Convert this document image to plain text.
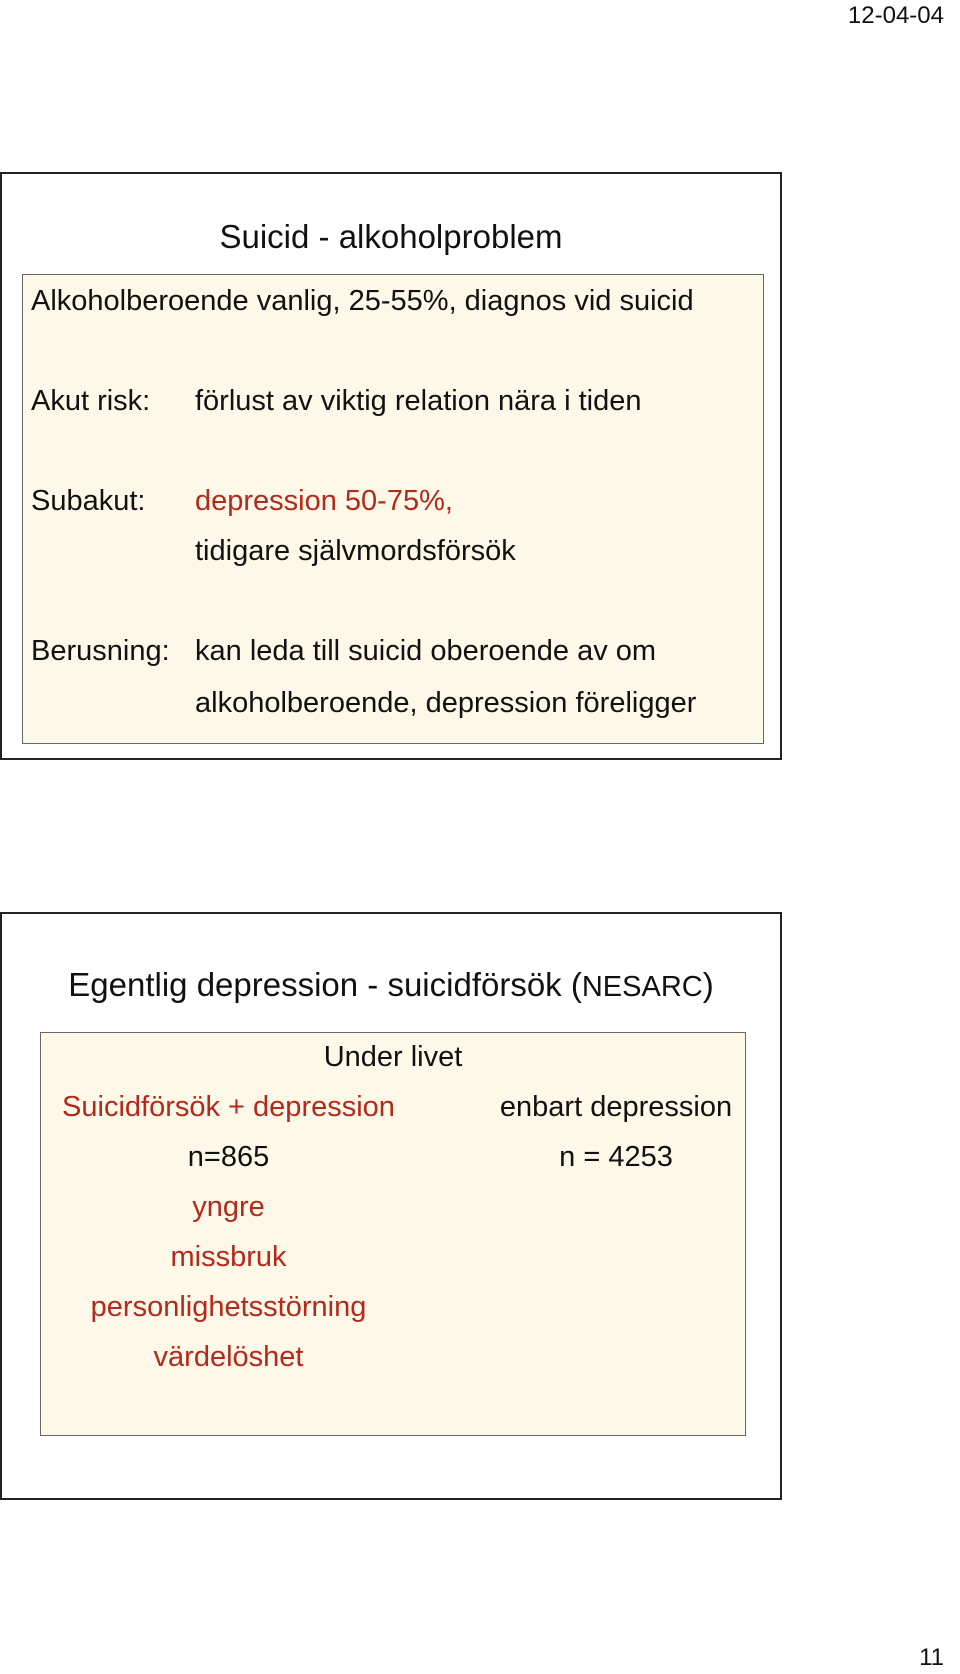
12-04-04
Suicid - alkoholproblem
Alkoholberoende vanlig, 25-55%, diagnos vid suicid
Akut risk: förlust av viktig relation nära i tiden
Subakut: depression 50-75%,
tidigare självmordsförsök
Berusning: kan leda till suicid oberoende av om
alkoholberoende, depression föreligger
Egentlig depression - suicidförsök (NESARC)
Under livet
Suicidförsök + depression	enbart depression
n=865	n = 4253
yngre
missbruk
personlighetsstörning
värdelöshet
11
